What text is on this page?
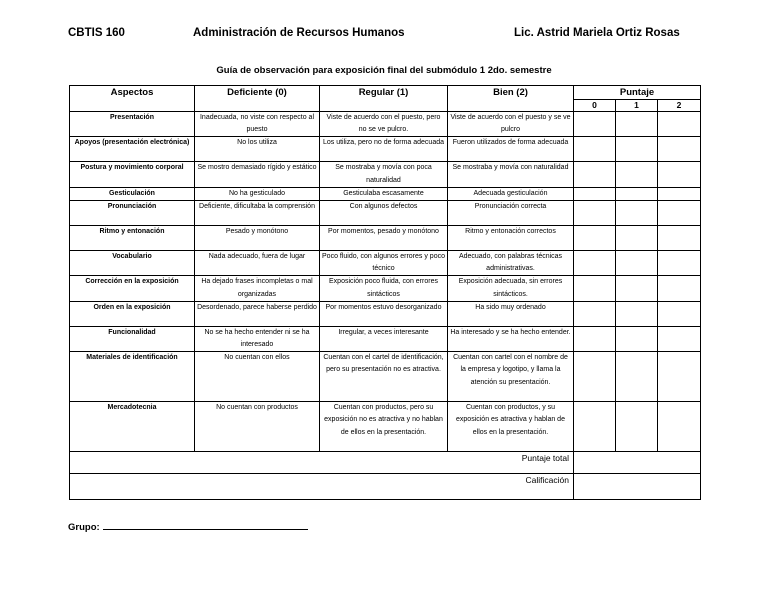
CBTIS 160	Administración de Recursos Humanos	Lic. Astrid Mariela Ortiz Rosas
Guía de observación para exposición final del submódulo 1 2do. semestre
Aspectos	Deficiente (0)	Regular (1)	Bien (2)	Puntaje		
				0	1	2
Presentación	Inadecuada, no viste con respecto al puesto	Viste de acuerdo con el puesto, pero no se ve pulcro.	Viste de acuerdo con el puesto y se ve pulcro			
Apoyos (presentación electrónica)	No los utiliza	Los utiliza, pero no de forma adecuada	Fueron utilizados de forma adecuada			
Postura y movimiento corporal	Se mostro demasiado rígido y estático	Se mostraba y movía con poca naturalidad	Se mostraba y movía con naturalidad			
Gesticulación	No ha gesticulado	Gesticulaba escasamente	Adecuada gesticulación			
Pronunciación	Deficiente, dificultaba la comprensión	Con algunos defectos	Pronunciación correcta			
Ritmo y entonación	Pesado y monótono	Por momentos, pesado y monótono	Ritmo y entonación correctos			
Vocabulario	Nada adecuado, fuera de lugar	Poco fluido, con algunos errores y poco técnico	Adecuado, con palabras técnicas administrativas.			
Corrección en la exposición	Ha dejado frases incompletas o mal organizadas	Exposición poco fluida, con errores sintácticos	Exposición adecuada, sin errores sintácticos.			
Orden en la exposición	Desordenado, parece haberse perdido	Por momentos estuvo desorganizado	Ha sido muy ordenado			
Funcionalidad	No se ha hecho entender ni se ha interesado	Irregular, a veces interesante	Ha interesado y se ha hecho entender.			
Materiales de identificación	No cuentan con ellos	Cuentan con el cartel de identificación, pero su presentación no es atractiva.	Cuentan con cartel con el nombre de la empresa y logotipo, y llama la atención su presentación.			
Mercadotecnia	No cuentan con productos	Cuentan con productos, pero su exposición no es atractiva y no hablan de ellos en la presentación.	Cuentan con productos, y su exposición es atractiva y hablan de ellos en la presentación.			
Puntaje total						
Calificación						
Grupo:
